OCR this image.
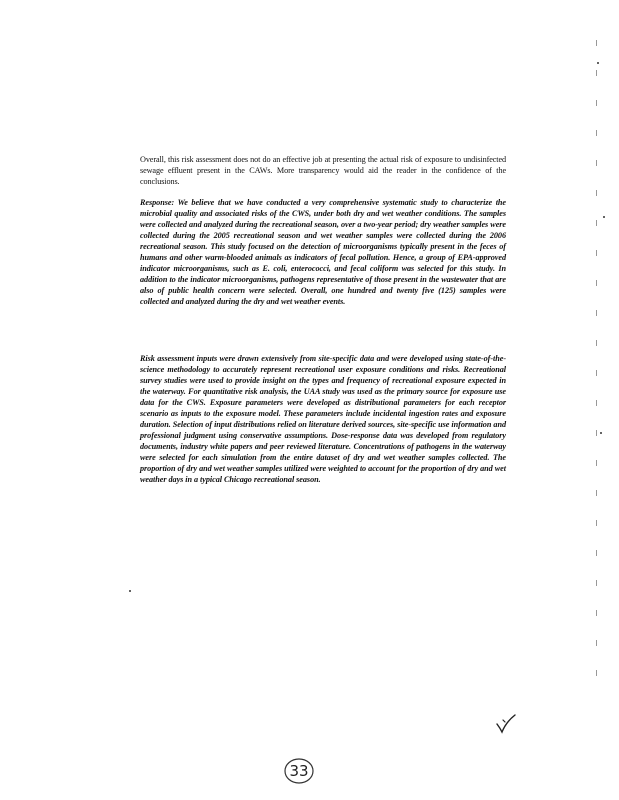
Overall, this risk assessment does not do an effective job at presenting the actual risk of exposure to undisinfected sewage effluent present in the CAWs. More transparency would aid the reader in the confidence of the conclusions.

Response: We believe that we have conducted a very comprehensive systematic study to characterize the microbial quality and associated risks of the CWS, under both dry and wet weather conditions. The samples were collected and analyzed during the recreational season, over a two-year period; dry weather samples were collected during the 2005 recreational season and wet weather samples were collected during the 2006 recreational season. This study focused on the detection of microorganisms typically present in the feces of humans and other warm-blooded animals as indicators of fecal pollution. Hence, a group of EPA-approved indicator microorganisms, such as E. coli, enterococci, and fecal coliform was selected for this study. In addition to the indicator microorganisms, pathogens representative of those present in the wastewater that are also of public health concern were selected. Overall, one hundred and twenty five (125) samples were collected and analyzed during the dry and wet weather events.

Risk assessment inputs were drawn extensively from site-specific data and were developed using state-of-the-science methodology to accurately represent recreational user exposure conditions and risks. Recreational survey studies were used to provide insight on the types and frequency of recreational exposure expected in the waterway. For quantitative risk analysis, the UAA study was used as the primary source for exposure use data for the CWS. Exposure parameters were developed as distributional parameters for each receptor scenario as inputs to the exposure model. These parameters include incidental ingestion rates and exposure duration. Selection of input distributions relied on literature derived sources, site-specific use information and professional judgment using conservative assumptions. Dose-response data was developed from regulatory documents, industry white papers and peer reviewed literature. Concentrations of pathogens in the waterway were selected for each simulation from the entire dataset of dry and wet weather samples collected. The proportion of dry and wet weather samples utilized were weighted to account for the proportion of dry and wet weather days in a typical Chicago recreational season.

33
